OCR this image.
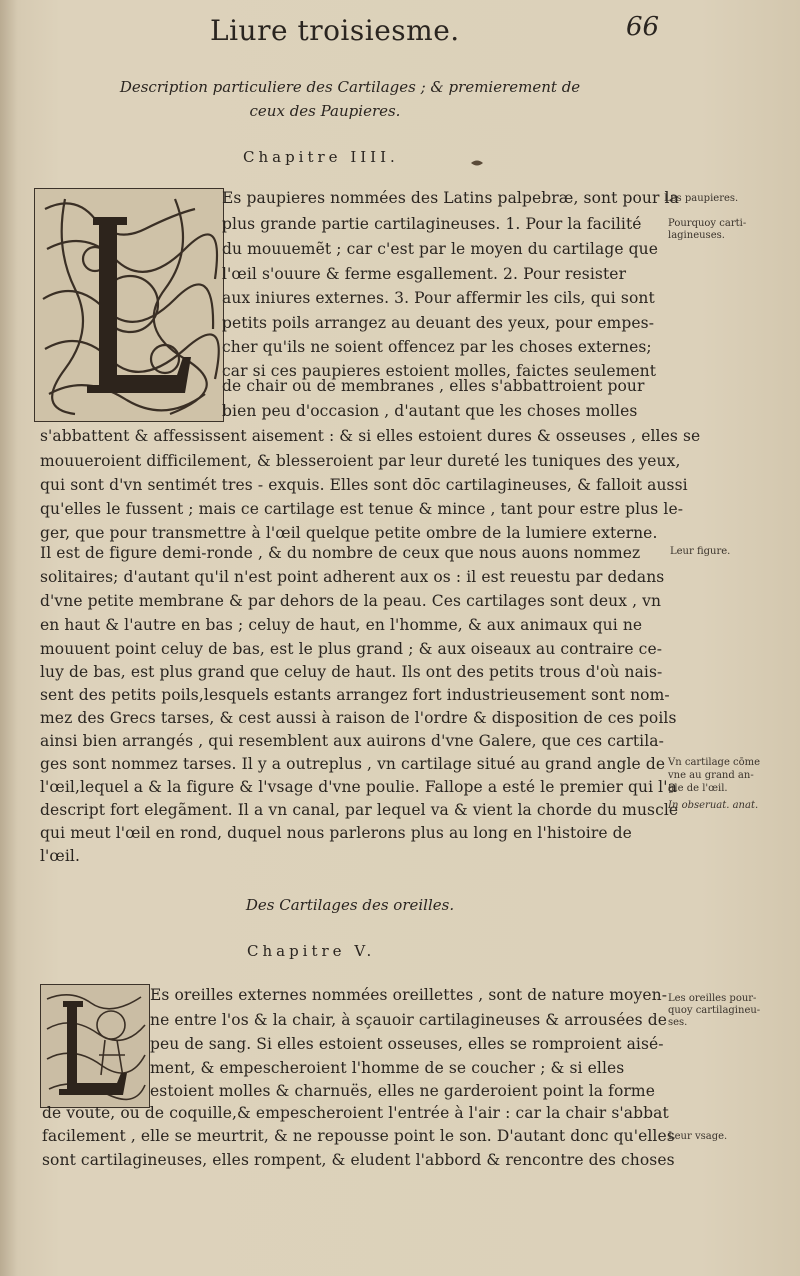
Liure troisiesme.	66
Description particuliere des Cartilages ; & premierement de
ceux des Paupieres.
Chapitre IIII.
Es paupieres nommées des Latins palpebræ, sont pour la
plus grande partie cartilagineuses. 1. Pour la facilité
du mouuemẽt ; car c'est par le moyen du cartilage que
l'œil s'ouure & ferme esgallement. 2. Pour resister
aux iniures externes. 3. Pour affermir les cils, qui sont
petits poils arrangez au deuant des yeux, pour empes-
cher qu'ils ne soient offencez par les choses externes;
car si ces paupieres estoient molles, faictes seulement
de chair ou de membranes , elles s'abbattroient pour
bien peu d'occasion , d'autant que les choses molles
s'abbattent & affessissent aisement : & si elles estoient dures & osseuses , elles se
mouueroient difficilement, & blesseroient par leur dureté les tuniques des yeux,
qui sont d'vn sentimét tres - exquis. Elles sont dōc cartilagineuses, & falloit aussi
qu'elles le fussent ; mais ce cartilage est tenue & mince , tant pour estre plus le-
ger, que pour transmettre à l'œil quelque petite ombre de la lumiere externe.
Il est de figure demi-ronde , & du nombre de ceux que nous auons nommez
solitaires; d'autant qu'il n'est point adherent aux os : il est reuestu par dedans
d'vne petite membrane & par dehors de la peau. Ces cartilages sont deux , vn
en haut & l'autre en bas ; celuy de haut, en l'homme, & aux animaux qui ne
mouuent point celuy de bas, est le plus grand ; & aux oiseaux au contraire ce-
luy de bas, est plus grand que celuy de haut. Ils ont des petits trous d'où nais-
sent des petits poils,lesquels estants arrangez fort industrieusement sont nom-
mez des Grecs tarses, & cest aussi à raison de l'ordre & disposition de ces poils
ainsi bien arrangés , qui resemblent aux auirons d'vne Galere, que ces cartila-
ges sont nommez tarses. Il y a outreplus , vn cartilage situé au grand angle de
l'œil,lequel a & la figure & l'vsage d'vne poulie. Fallope a esté le premier qui l'a
descript fort elegãment. Il a vn canal, par lequel va & vient la chorde du muscle
qui meut l'œil en rond, duquel nous parlerons plus au long en l'histoire de
l'œil.
Les paupieres.
Pourquoy carti-
lagineuses.
Leur figure.
Vn cartilage cōme
vne au grand an-
gle de l'œil.
In obseruat. anat.
Des Cartilages des oreilles.
Chapitre V.
Es oreilles externes nommées oreillettes , sont de nature moyen-
ne entre l'os & la chair, à sçauoir cartilagineuses & arrousées de
peu de sang. Si elles estoient osseuses, elles se romproient aisé-
ment, & empescheroient l'homme de se coucher ; & si elles
estoient molles & charnuës, elles ne garderoient point la forme
de voute, ou de coquille,& empescheroient l'entrée à l'air : car la chair s'abbat
facilement , elle se meurtrit, & ne repousse point le son. D'autant donc qu'elles
sont cartilagineuses, elles rompent, & eludent l'abbord & rencontre des choses
Les oreilles pour-
quoy cartilagineu-
ses.
Leur vsage.
